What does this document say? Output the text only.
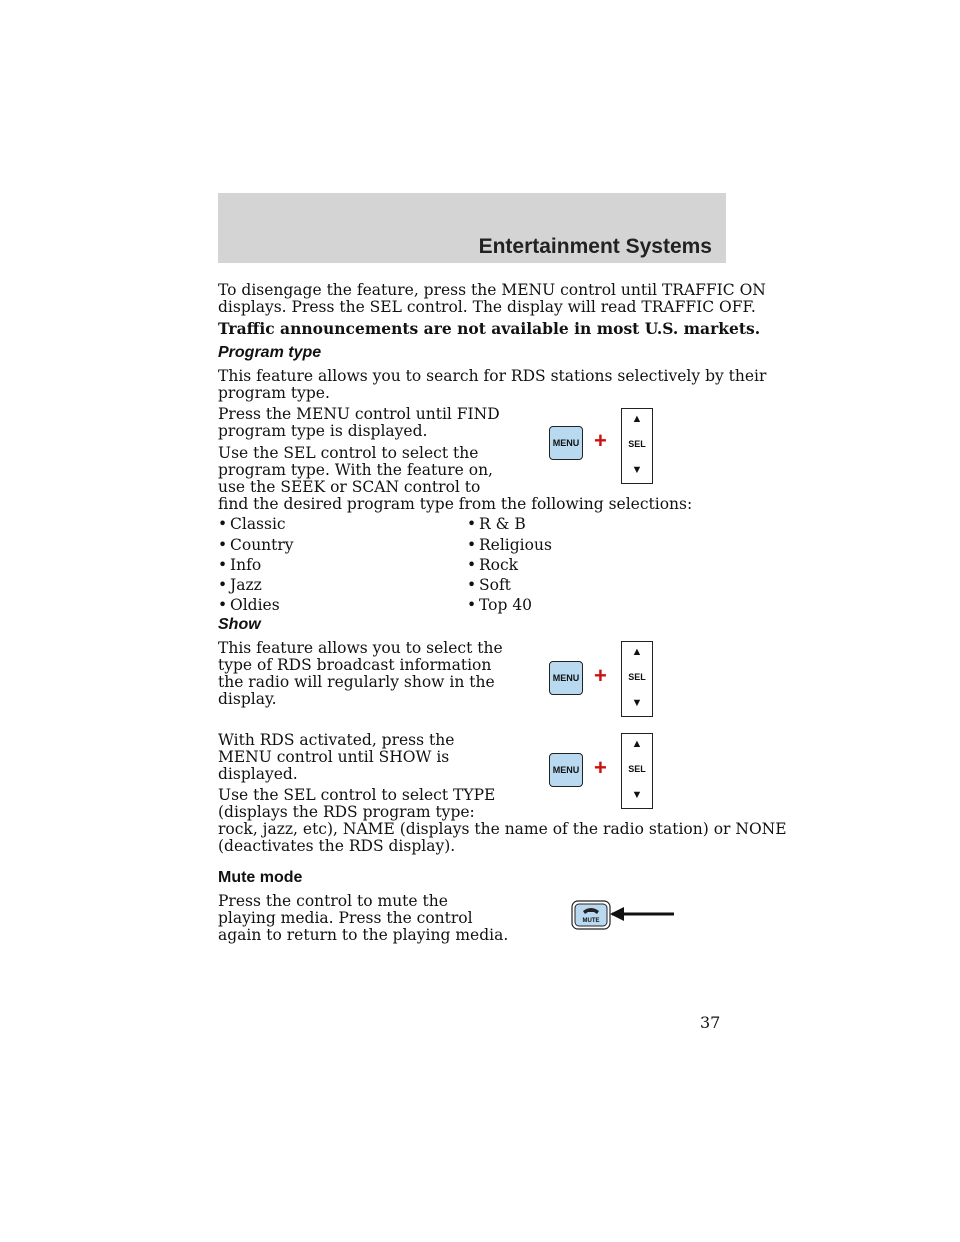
Entertainment Systems

To disengage the feature, press the MENU control until TRAFFIC ON
displays. Press the SEL control. The display will read TRAFFIC OFF.

Traffic announcements are not available in most U.S. markets.

Program type

This feature allows you to search for RDS stations selectively by their
program type.

Press the MENU control until FIND
program type is displayed.

Use the SEL control to select the
program type. With the feature on,
use the SEEK or SCAN control to
find the desired program type from the following selections:

MENU +
▲
SEL
▼
• Classic
• Country
• Info
• Jazz
• Oldies
• R & B
• Religious
• Rock
• Soft
• Top 40
Show

This feature allows you to select the
type of RDS broadcast information
the radio will regularly show in the
display.

MENU +
▲
SEL
▼

With RDS activated, press the
MENU control until SHOW is
displayed.

Use the SEL control to select TYPE
(displays the RDS program type:
rock, jazz, etc), NAME (displays the name of the radio station) or NONE
(deactivates the RDS display).

MENU +
▲
SEL
▼
Mute mode

Press the control to mute the
playing media. Press the control
again to return to the playing media.

MUTE
37
